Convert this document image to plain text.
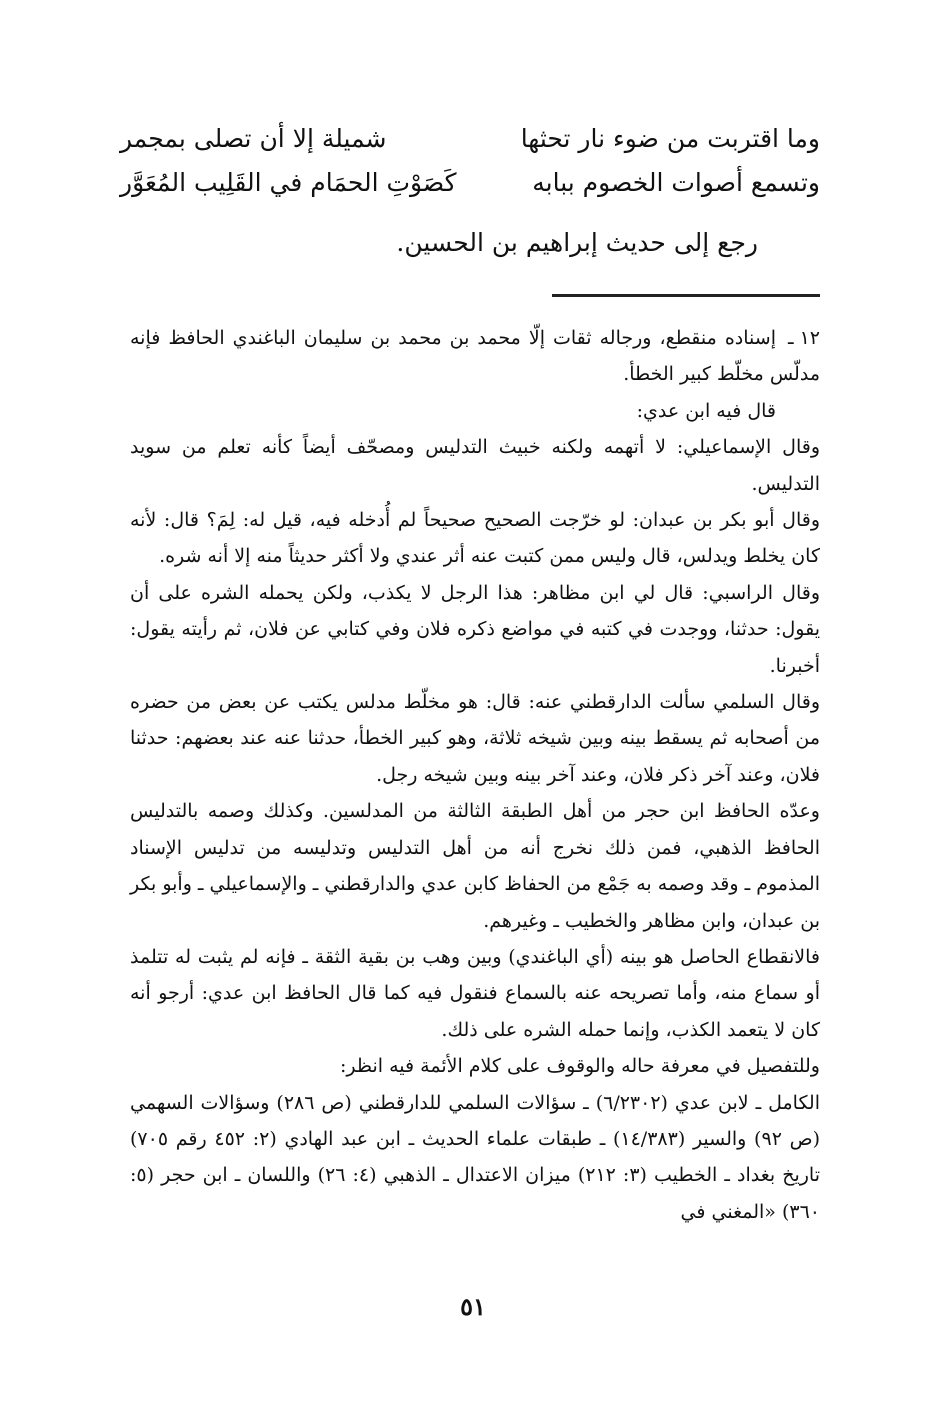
وما اقتربت من ضوء نار تحثها
شميلة إلا أن تصلى بمجمر
وتسمع أصوات الخصوم ببابه
كَصَوْتِ الحمَام في القَلِيب المُعَوَّر
رجع إلى حديث إبراهيم بن الحسين.

١٢ ـإسناده منقطع، ورجاله ثقات إلّا محمد بن محمد بن سليمان الباغندي الحافظ فإنه مدلّس مخلّط كبير الخطأ.

قال فيه ابن عدي:

وقال الإسماعيلي: لا أتهمه ولكنه خبيث التدليس ومصحّف أيضاً كأنه تعلم من سويد التدليس.

وقال أبو بكر بن عبدان: لو خرّجت الصحيح صحيحاً لم أُدخله فيه، قيل له: لِمَ؟ قال: لأنه كان يخلط ويدلس، قال وليس ممن كتبت عنه أثر عندي ولا أكثر حديثاً منه إلا أنه شره.

وقال الراسبي: قال لي ابن مظاهر: هذا الرجل لا يكذب، ولكن يحمله الشره على أن يقول: حدثنا، ووجدت في كتبه في مواضع ذكره فلان وفي كتابي عن فلان، ثم رأيته يقول: أخبرنا.

وقال السلمي سألت الدارقطني عنه: قال: هو مخلّط مدلس يكتب عن بعض من حضره من أصحابه ثم يسقط بينه وبين شيخه ثلاثة، وهو كبير الخطأ، حدثنا عنه عند بعضهم: حدثنا فلان، وعند آخر ذكر فلان، وعند آخر بينه وبين شيخه رجل.

وعدّه الحافظ ابن حجر من أهل الطبقة الثالثة من المدلسين. وكذلك وصمه بالتدليس الحافظ الذهبي، فمن ذلك نخرج أنه من أهل التدليس وتدليسه من تدليس الإسناد المذموم ـ وقد وصمه به جَمْع من الحفاظ كابن عدي والدارقطني ـ والإسماعيلي ـ وأبو بكر بن عبدان، وابن مظاهر والخطيب ـ وغيرهم.

فالانقطاع الحاصل هو بينه (أي الباغندي) وبين وهب بن بقية الثقة ـ فإنه لم يثبت له تتلمذ أو سماع منه، وأما تصريحه عنه بالسماع فنقول فيه كما قال الحافظ ابن عدي: أرجو أنه كان لا يتعمد الكذب، وإنما حمله الشره على ذلك.

وللتفصيل في معرفة حاله والوقوف على كلام الأئمة فيه انظر:

الكامل ـ لابن عدي (٦/٢٣٠٢) ـ سؤالات السلمي للدارقطني (ص ٢٨٦) وسؤالات السهمي (ص ٩٢) والسير (١٤/٣٨٣) ـ طبقات علماء الحديث ـ ابن عبد الهادي (٢: ٤٥٢ رقم ٧٠٥) تاريخ بغداد ـ الخطيب (٣: ٢١٢) ميزان الاعتدال ـ الذهبي (٤: ٢٦) واللسان ـ ابن حجر (٥: ٣٦٠) «المغني في

٥١
